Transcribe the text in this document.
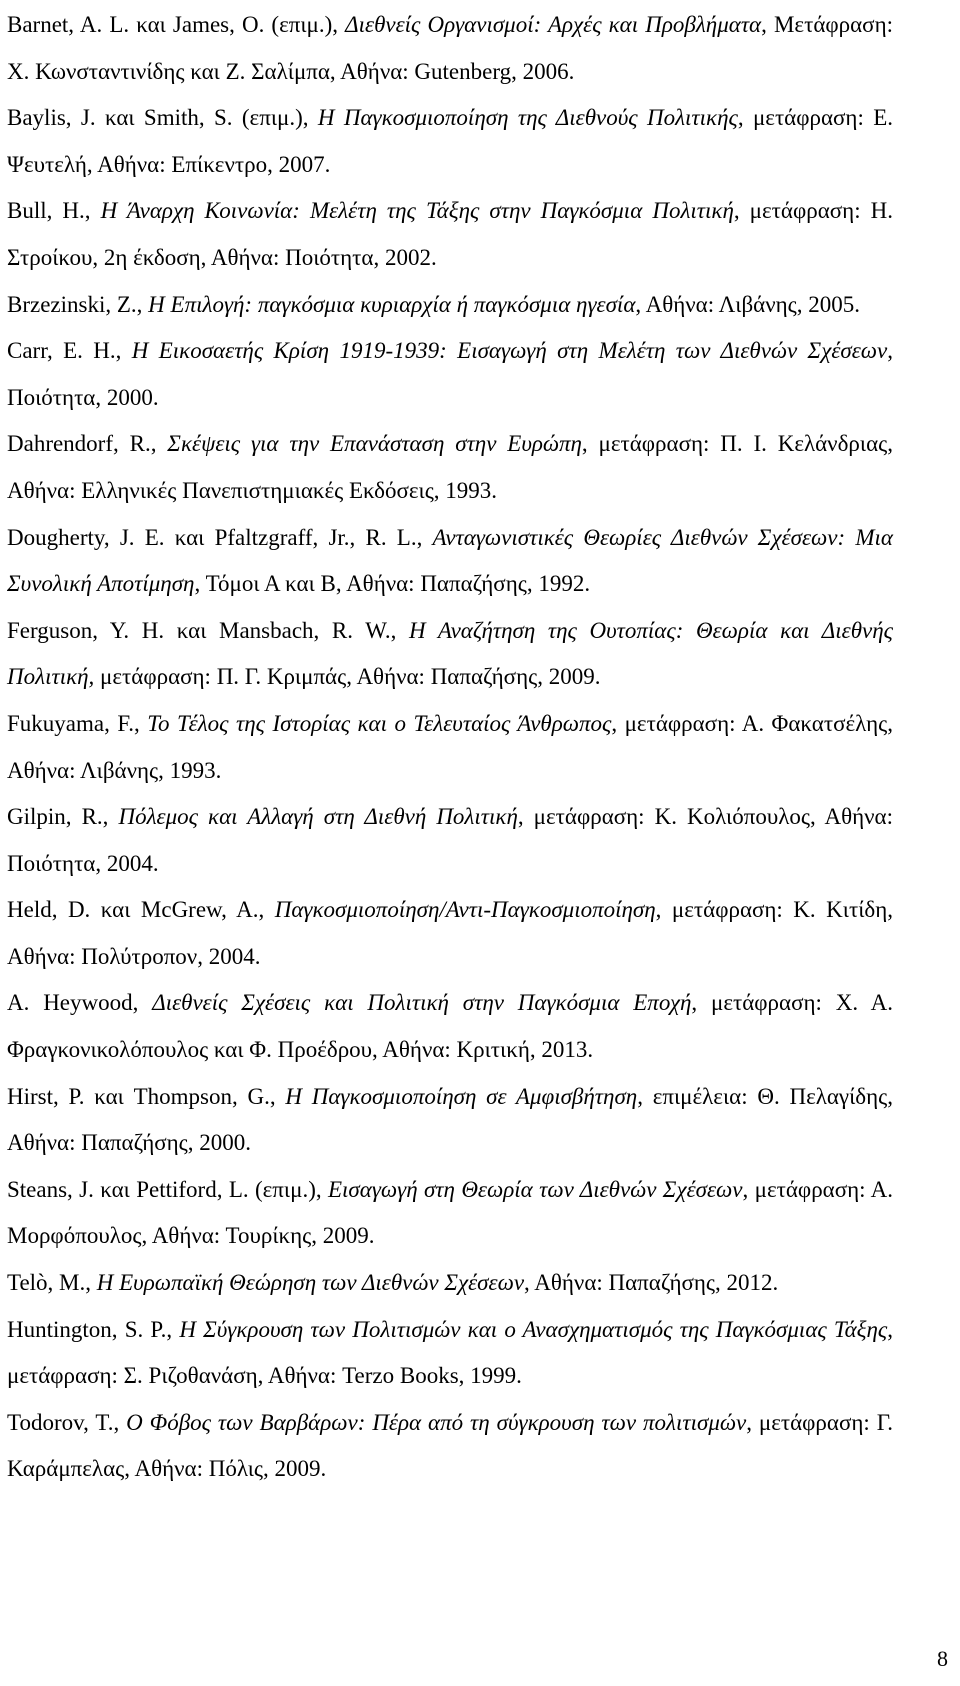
Barnet, A. L. και James, O. (επιμ.), Διεθνείς Οργανισμοί: Αρχές και Προβλήματα, Μετάφραση: Χ. Κωνσταντινίδης και Ζ. Σαλίμπα, Αθήνα: Gutenberg, 2006.

Baylis, J. και Smith, S. (επιμ.), Η Παγκοσμιοποίηση της Διεθνούς Πολιτικής, μετάφραση: Ε. Ψευτελή, Αθήνα: Επίκεντρο, 2007.

Bull, H., Η Άναρχη Κοινωνία: Μελέτη της Τάξης στην Παγκόσμια Πολιτική, μετάφραση: Η. Στροίκου, 2η έκδοση, Αθήνα: Ποιότητα, 2002.

Brzezinski, Z., Η Επιλογή: παγκόσμια κυριαρχία ή παγκόσμια ηγεσία, Αθήνα: Λιβάνης, 2005.

Carr, E. H., Η Εικοσαετής Κρίση 1919-1939: Εισαγωγή στη Μελέτη των Διεθνών Σχέσεων, Ποιότητα, 2000.

Dahrendorf, R., Σκέψεις για την Επανάσταση στην Ευρώπη, μετάφραση: Π. Ι. Κελάνδριας, Αθήνα: Ελληνικές Πανεπιστημιακές Εκδόσεις, 1993.

Dougherty, J. E. και Pfaltzgraff, Jr., R. L., Ανταγωνιστικές Θεωρίες Διεθνών Σχέσεων: Μια Συνολική Αποτίμηση, Τόμοι Α και Β, Αθήνα: Παπαζήσης, 1992.

Ferguson, Y. H. και Mansbach, R. W., Η Αναζήτηση της Ουτοπίας: Θεωρία και Διεθνής Πολιτική, μετάφραση: Π. Γ. Κριμπάς, Αθήνα: Παπαζήσης, 2009.

Fukuyama, F., Το Τέλος της Ιστορίας και ο Τελευταίος Άνθρωπος, μετάφραση: Α. Φακατσέλης, Αθήνα: Λιβάνης, 1993.

Gilpin, R., Πόλεμος και Αλλαγή στη Διεθνή Πολιτική, μετάφραση: Κ. Κολιόπουλος, Αθήνα: Ποιότητα, 2004.

Held, D. και McGrew, A., Παγκοσμιοποίηση/Αντι-Παγκοσμιοποίηση, μετάφραση: Κ. Κιτίδη, Αθήνα: Πολύτροπον, 2004.

A. Heywood, Διεθνείς Σχέσεις και Πολιτική στην Παγκόσμια Εποχή, μετάφραση: Χ. Α. Φραγκονικολόπουλος και Φ. Προέδρου, Αθήνα: Κριτική, 2013.

Hirst, P. και Thompson, G., Η Παγκοσμιοποίηση σε Αμφισβήτηση, επιμέλεια: Θ. Πελαγίδης, Αθήνα: Παπαζήσης, 2000.

Steans, J. και Pettiford, L. (επιμ.), Εισαγωγή στη Θεωρία των Διεθνών Σχέσεων, μετάφραση: Α. Μορφόπουλος, Αθήνα: Τουρίκης, 2009.

Telò, M., Η Ευρωπαϊκή Θεώρηση των Διεθνών Σχέσεων, Αθήνα: Παπαζήσης, 2012.

Huntington, S. P., Η Σύγκρουση των Πολιτισμών και ο Ανασχηματισμός της Παγκόσμιας Τάξης, μετάφραση: Σ. Ριζοθανάση, Αθήνα: Terzo Books, 1999.

Todorov, T., Ο Φόβος των Βαρβάρων: Πέρα από τη σύγκρουση των πολιτισμών, μετάφραση: Γ. Καράμπελας, Αθήνα: Πόλις, 2009.

8
